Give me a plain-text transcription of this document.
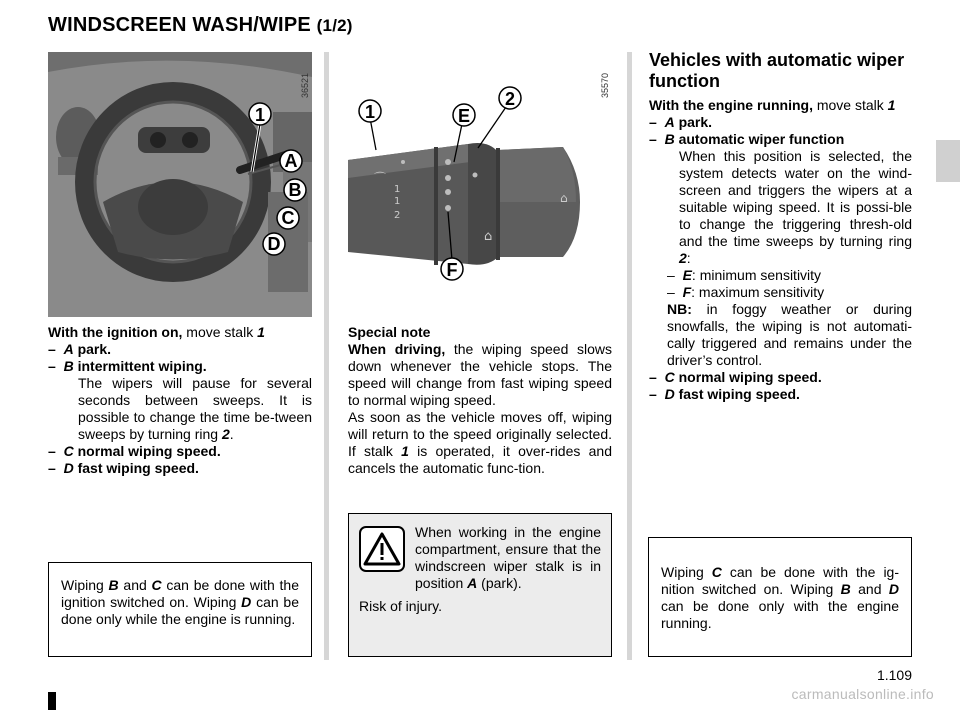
WINDSCREEN WASH/WIPE (1/2)
36521
1
A
B
C
D
⌒
1
1
2
⌂
⌂
35570
1	E
2
F

With the ignition on, move stalk 1

– A park.

– B intermittent wiping.

The wipers will pause for several seconds between sweeps. It is possible to change the time be-tween sweeps by turning ring 2.

– C normal wiping speed.

– D fast wiping speed.

Wiping B and C can be done with the ignition switched on. Wiping D can be done only while the engine is running.

Special note

When driving, the wiping speed slows down whenever the vehicle stops. The speed will change from fast wiping speed to normal wiping speed.

As soon as the vehicle moves off, wiping will return to the speed originally selected. If stalk 1 is operated, it over-rides and cancels the automatic func-tion.

When working in the engine compartment, ensure that the windscreen wiper stalk is in position A (park).

Risk of injury.

Vehicles with automatic wiper function

With the engine running, move stalk 1

– A park.

– B automatic wiper function

When this position is selected, the system detects water on the wind-screen and triggers the wipers at a suitable wiping speed. It is possi-ble to change the triggering thresh-old and the time sweeps by turning ring 2:

–  E: minimum sensitivity

–  F: maximum sensitivity

NB: in foggy weather or during snowfalls, the wiping is not automati-cally triggered and remains under the driver’s control.

– C normal wiping speed.

– D fast wiping speed.

Wiping C can be done with the ig-nition switched on. Wiping B and D can be done only with the engine running.

1.109
carmanualsonline.info
